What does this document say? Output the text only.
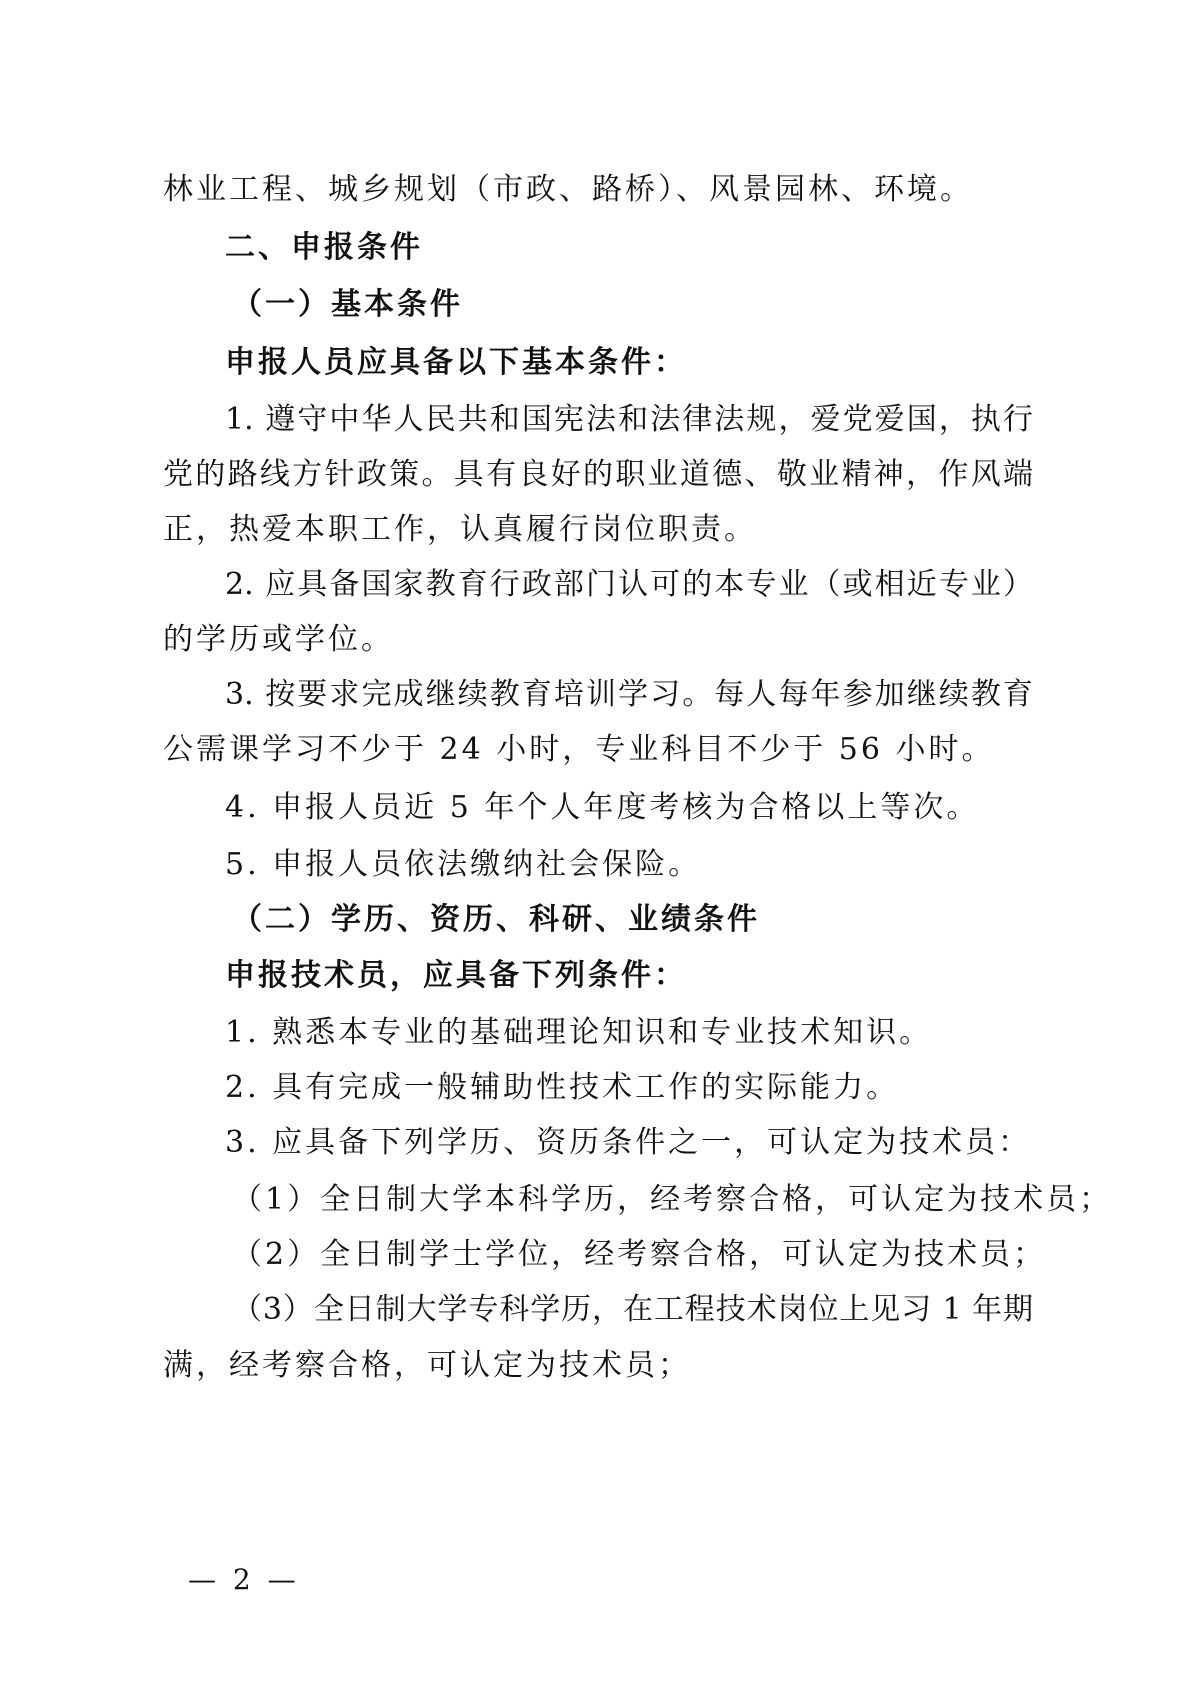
林业工程、城乡规划（市政、路桥）、风景园林、环境。
二、申报条件
（一）基本条件
申报人员应具备以下基本条件：
1. 遵守中华人民共和国宪法和法律法规，爱党爱国，执行
党的路线方针政策。具有良好的职业道德、敬业精神，作风端
正，热爱本职工作，认真履行岗位职责。
2. 应具备国家教育行政部门认可的本专业（或相近专业）
的学历或学位。
3. 按要求完成继续教育培训学习。每人每年参加继续教育
公需课学习不少于 24 小时，专业科目不少于 56 小时。
4. 申报人员近 5 年个人年度考核为合格以上等次。
5. 申报人员依法缴纳社会保险。
（二）学历、资历、科研、业绩条件
申报技术员，应具备下列条件：
1. 熟悉本专业的基础理论知识和专业技术知识。
2. 具有完成一般辅助性技术工作的实际能力。
3. 应具备下列学历、资历条件之一，可认定为技术员：
（1）全日制大学本科学历，经考察合格，可认定为技术员；
（2）全日制学士学位，经考察合格，可认定为技术员；
（3）全日制大学专科学历，在工程技术岗位上见习 1 年期
满，经考察合格，可认定为技术员；
— 2 —
